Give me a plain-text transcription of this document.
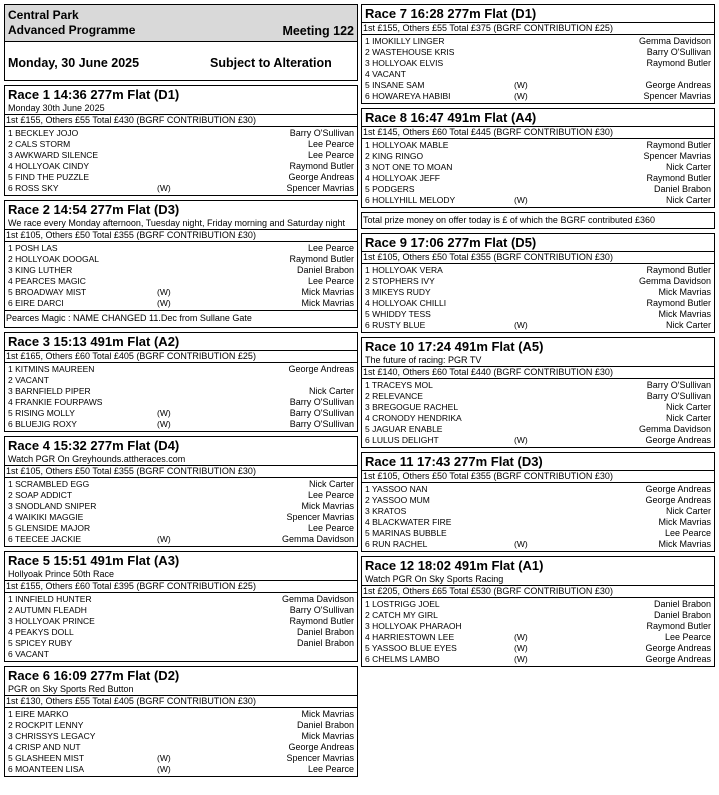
Central Park
Advanced Programme	Meeting 122
Monday, 30 June 2025	Subject to Alteration
Race 1 14:36 277m Flat (D1)
Monday 30th June 2025
1st £155, Others £55 Total £430 (BGRF CONTRIBUTION £30)
1 BECKLEY JOJO	Barry O'Sullivan
2 CALS STORM	Lee Pearce
3 AWKWARD SILENCE	Lee Pearce
4 HOLLYOAK CINDY	Raymond Butler
5 FIND THE PUZZLE	George Andreas
6 ROSS SKY	(W)	Spencer Mavrias
Race 2 14:54 277m Flat (D3)
We race every Monday afternoon, Tuesday night, Friday morning and Saturday night
1st £105, Others £50 Total £355 (BGRF CONTRIBUTION £30)
1 POSH LAS	Lee Pearce
2 HOLLYOAK DOOGAL	Raymond Butler
3 KING LUTHER	Daniel Brabon
4 PEARCES MAGIC	Lee Pearce
5 BROADWAY MIST	(W)	Mick Mavrias
6 EIRE DARCI	(W)	Mick Mavrias
Pearces Magic : NAME CHANGED 11.Dec from Sullane Gate
Race 3 15:13 491m Flat (A2)
1st £165, Others £60 Total £405 (BGRF CONTRIBUTION £25)
1 KITMINS MAUREEN	George Andreas
2 VACANT
3 BARNFIELD PIPER	Nick Carter
4 FRANKIE FOURPAWS	Barry O'Sullivan
5 RISING MOLLY	(W)	Barry O'Sullivan
6 BLUEJIG ROXY	(W)	Barry O'Sullivan
Race 4 15:32 277m Flat (D4)
Watch PGR On Greyhounds.attheraces.com
1st £105, Others £50 Total £355 (BGRF CONTRIBUTION £30)
1 SCRAMBLED EGG	Nick Carter
2 SOAP ADDICT	Lee Pearce
3 SNODLAND SNIPER	Mick Mavrias
4 WAIKIKI MAGGIE	Spencer Mavrias
5 GLENSIDE MAJOR	Lee Pearce
6 TEECEE JACKIE	(W)	Gemma Davidson
Race 5 15:51 491m Flat (A3)
Hollyoak Prince 50th Race
1st £155, Others £60 Total £395 (BGRF CONTRIBUTION £25)
1 INNFIELD HUNTER	Gemma Davidson
2 AUTUMN FLEADH	Barry O'Sullivan
3 HOLLYOAK PRINCE	Raymond Butler
4 PEAKYS DOLL	Daniel Brabon
5 SPICEY RUBY	Daniel Brabon
6 VACANT
Race 6 16:09 277m Flat (D2)
PGR on Sky Sports Red Button
1st £130, Others £55 Total £405 (BGRF CONTRIBUTION £30)
1 EIRE MARKO	Mick Mavrias
2 ROCKPIT LENNY	Daniel Brabon
3 CHRISSYS LEGACY	Mick Mavrias
4 CRISP AND NUT	George Andreas
5 GLASHEEN MIST	(W)	Spencer Mavrias
6 MOANTEEN LISA	(W)	Lee Pearce
Race 7 16:28 277m Flat (D1)
1st £155, Others £55 Total £375 (BGRF CONTRIBUTION £25)
1 IMOKILLY LINGER	Gemma Davidson
2 WASTEHOUSE KRIS	Barry O'Sullivan
3 HOLLYOAK ELVIS	Raymond Butler
4 VACANT
5 INSANE SAM	(W)	George Andreas
6 HOWAREYA HABIBI	(W)	Spencer Mavrias
Race 8 16:47 491m Flat (A4)
1st £145, Others £60 Total £445 (BGRF CONTRIBUTION £30)
1 HOLLYOAK MABLE	Raymond Butler
2 KING RINGO	Spencer Mavrias
3 NOT ONE TO MOAN	Nick Carter
4 HOLLYOAK JEFF	Raymond Butler
5 PODGERS	Daniel Brabon
6 HOLLYHILL MELODY	(W)	Nick Carter
Total prize money on offer today is £ of which the BGRF contributed £360
Race 9 17:06 277m Flat (D5)
1st £105, Others £50 Total £355 (BGRF CONTRIBUTION £30)
1 HOLLYOAK VERA	Raymond Butler
2 STOPHERS IVY	Gemma Davidson
3 MIKEYS RUDY	Mick Mavrias
4 HOLLYOAK CHILLI	Raymond Butler
5 WHIDDY TESS	Mick Mavrias
6 RUSTY BLUE	(W)	Nick Carter
Race 10 17:24 491m Flat (A5)
The future of racing: PGR TV
1st £140, Others £60 Total £440 (BGRF CONTRIBUTION £30)
1 TRACEYS MOL	Barry O'Sullivan
2 RELEVANCE	Barry O'Sullivan
3 BREGOGUE RACHEL	Nick Carter
4 CRONODY HENDRIKA	Nick Carter
5 JAGUAR ENABLE	Gemma Davidson
6 LULUS DELIGHT	(W)	George Andreas
Race 11 17:43 277m Flat (D3)
1st £105, Others £50 Total £355 (BGRF CONTRIBUTION £30)
1 YASSOO NAN	George Andreas
2 YASSOO MUM	George Andreas
3 KRATOS	Nick Carter
4 BLACKWATER FIRE	Mick Mavrias
5 MARINAS BUBBLE	Lee Pearce
6 RUN RACHEL	(W)	Mick Mavrias
Race 12 18:02 491m Flat (A1)
Watch PGR On Sky Sports Racing
1st £205, Others £65 Total £530 (BGRF CONTRIBUTION £30)
1 LOSTRIGG JOEL	Daniel Brabon
2 CATCH MY GIRL	Daniel Brabon
3 HOLLYOAK PHARAOH	Raymond Butler
4 HARRIESTOWN LEE	(W)	Lee Pearce
5 YASSOO BLUE EYES	(W)	George Andreas
6 CHELMS LAMBO	(W)	George Andreas
